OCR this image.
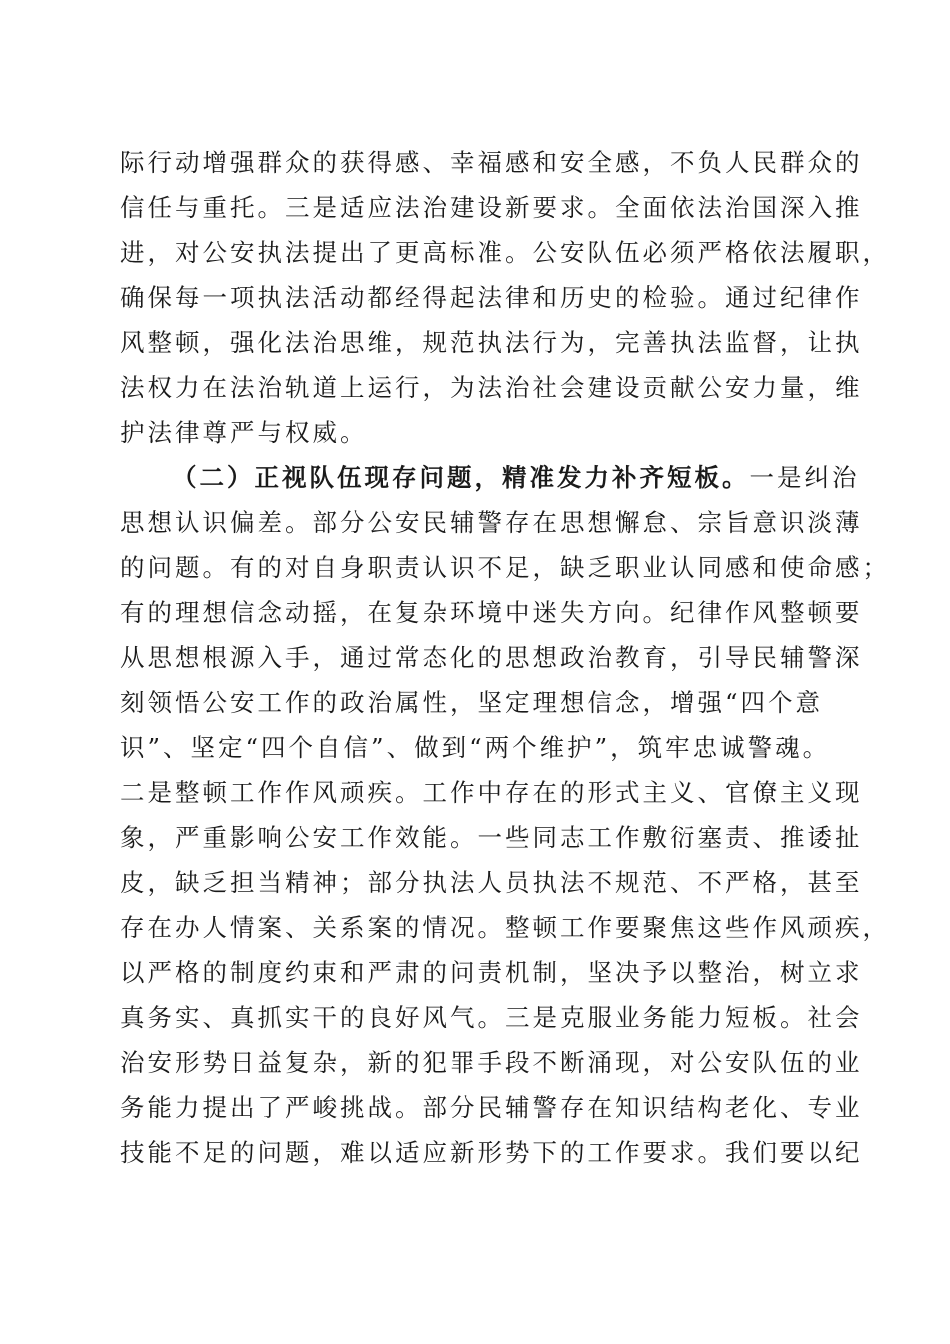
际行动增强群众的获得感、幸福感和安全感，不负人民群众的
信任与重托。三是适应法治建设新要求。全面依法治国深入推
进，对公安执法提出了更高标准。公安队伍必须严格依法履职，
确保每一项执法活动都经得起法律和历史的检验。通过纪律作
风整顿，强化法治思维，规范执法行为，完善执法监督，让执
法权力在法治轨道上运行，为法治社会建设贡献公安力量，维
护法律尊严与权威。
（二）正视队伍现存问题，精准发力补齐短板。一是纠治
思想认识偏差。部分公安民辅警存在思想懈怠、宗旨意识淡薄
的问题。有的对自身职责认识不足，缺乏职业认同感和使命感；
有的理想信念动摇，在复杂环境中迷失方向。纪律作风整顿要
从思想根源入手，通过常态化的思想政治教育，引导民辅警深
刻领悟公安工作的政治属性，坚定理想信念，增强“四个意
识”、坚定“四个自信”、做到“两个维护”，筑牢忠诚警魂。
二是整顿工作作风顽疾。工作中存在的形式主义、官僚主义现
象，严重影响公安工作效能。一些同志工作敷衍塞责、推诿扯
皮，缺乏担当精神；部分执法人员执法不规范、不严格，甚至
存在办人情案、关系案的情况。整顿工作要聚焦这些作风顽疾，
以严格的制度约束和严肃的问责机制，坚决予以整治，树立求
真务实、真抓实干的良好风气。三是克服业务能力短板。社会
治安形势日益复杂，新的犯罪手段不断涌现，对公安队伍的业
务能力提出了严峻挑战。部分民辅警存在知识结构老化、专业
技能不足的问题，难以适应新形势下的工作要求。我们要以纪
